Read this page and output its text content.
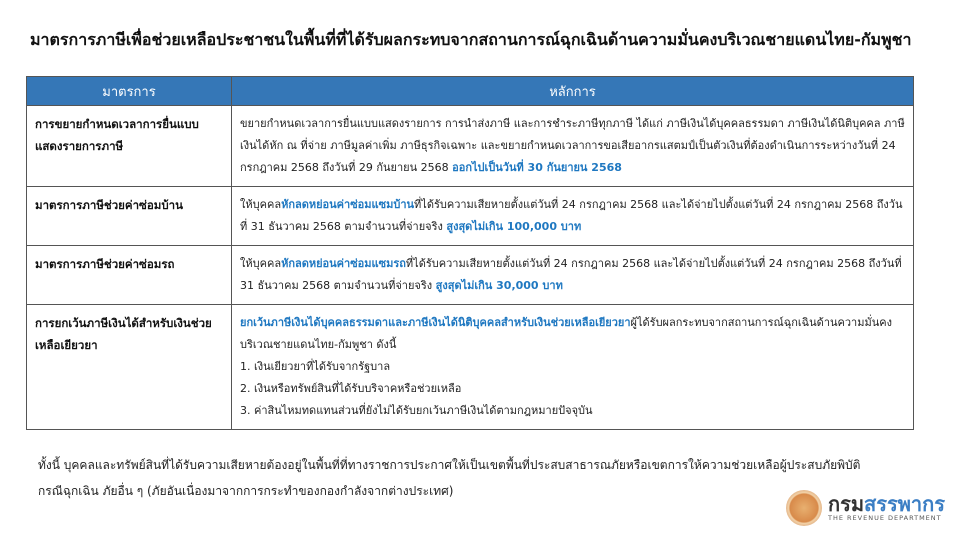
มาตรการภาษีเพื่อช่วยเหลือประชาชนในพื้นที่ที่ได้รับผลกระทบจากสถานการณ์ฉุกเฉินด้านความมั่นคงบริเวณชายแดนไทย-กัมพูชา
มาตรการ	หลักการ
การขยายกำหนดเวลาการยื่นแบบแสดงรายการภาษี	ขยายกำหนดเวลาการยื่นแบบแสดงรายการ การนำส่งภาษี และการชำระภาษีทุกภาษี ได้แก่ ภาษีเงินได้บุคคลธรรมดา ภาษีเงินได้นิติบุคคล ภาษีเงินได้หัก ณ ที่จ่าย ภาษีมูลค่าเพิ่ม ภาษีธุรกิจเฉพาะ และขยายกำหนดเวลาการขอเสียอากรแสตมป์เป็นตัวเงินที่ต้องดำเนินการระหว่างวันที่ 24 กรกฎาคม 2568 ถึงวันที่ 29 กันยายน 2568 ออกไปเป็นวันที่ 30 กันยายน 2568
มาตรการภาษีช่วยค่าซ่อมบ้าน	ให้บุคคลหักลดหย่อนค่าซ่อมแซมบ้านที่ได้รับความเสียหายตั้งแต่วันที่ 24 กรกฎาคม 2568 และได้จ่ายไปตั้งแต่วันที่ 24 กรกฎาคม 2568 ถึงวันที่ 31 ธันวาคม 2568 ตามจำนวนที่จ่ายจริง สูงสุดไม่เกิน 100,000 บาท
มาตรการภาษีช่วยค่าซ่อมรถ	ให้บุคคลหักลดหย่อนค่าซ่อมแซมรถที่ได้รับความเสียหายตั้งแต่วันที่ 24 กรกฎาคม 2568 และได้จ่ายไปตั้งแต่วันที่ 24 กรกฎาคม 2568 ถึงวันที่ 31 ธันวาคม 2568 ตามจำนวนที่จ่ายจริง สูงสุดไม่เกิน 30,000 บาท
การยกเว้นภาษีเงินได้สำหรับเงินช่วยเหลือเยียวยา	ยกเว้นภาษีเงินได้บุคคลธรรมดาและภาษีเงินได้นิติบุคคลสำหรับเงินช่วยเหลือเยียวยาผู้ได้รับผลกระทบจากสถานการณ์ฉุกเฉินด้านความมั่นคงบริเวณชายแดนไทย-กัมพูชา ดังนี้
1. เงินเยียวยาที่ได้รับจากรัฐบาล
2. เงินหรือทรัพย์สินที่ได้รับบริจาคหรือช่วยเหลือ
3. ค่าสินไหมทดแทนส่วนที่ยังไม่ได้รับยกเว้นภาษีเงินได้ตามกฎหมายปัจจุบัน
ทั้งนี้ บุคคลและทรัพย์สินที่ได้รับความเสียหายต้องอยู่ในพื้นที่ที่ทางราชการประกาศให้เป็นเขตพื้นที่ประสบสาธารณภัยหรือเขตการให้ความช่วยเหลือผู้ประสบภัยพิบัติ
กรณีฉุกเฉิน ภัยอื่น ๆ (ภัยอันเนื่องมาจากการกระทำของกองกำลังจากต่างประเทศ)
กรมสรรพากร
THE REVENUE DEPARTMENT
